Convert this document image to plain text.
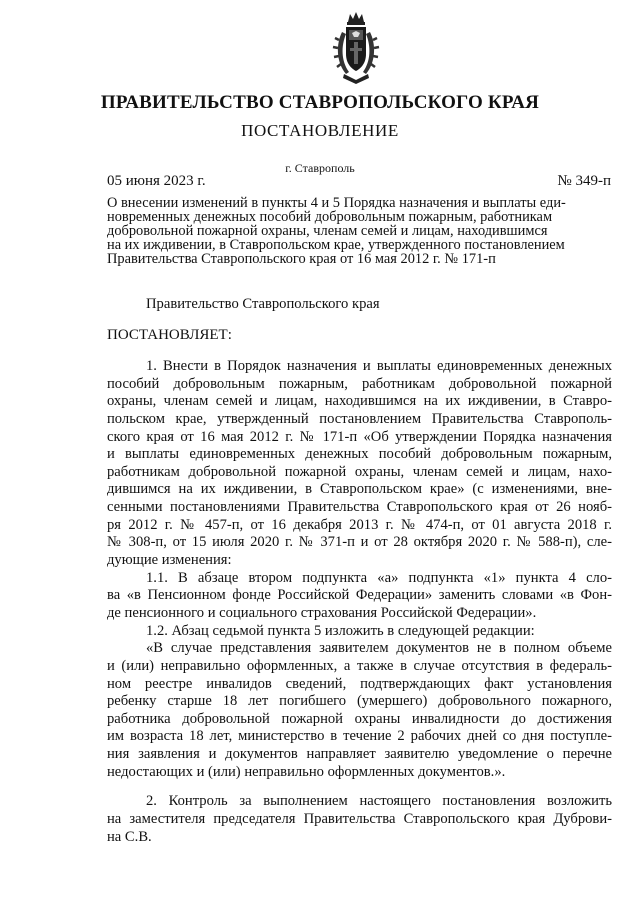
ПРАВИТЕЛЬСТВО СТАВРОПОЛЬСКОГО КРАЯ
ПОСТАНОВЛЕНИЕ
г. Ставрополь
05 июня 2023 г.	№ 349-п
О внесении изменений в пункты 4 и 5 Порядка назначения и выплаты еди-
новременных денежных пособий добровольным пожарным, работникам
добровольной пожарной охраны, членам семей и лицам, находившимся
на их иждивении, в Ставропольском крае, утвержденного постановлением
Правительства Ставропольского края от 16 мая 2012 г. № 171-п
Правительство Ставропольского края
ПОСТАНОВЛЯЕТ:
1. Внести в Порядок назначения и выплаты единовременных денежных
пособий добровольным пожарным, работникам добровольной пожарной
охраны, членам семей и лицам, находившимся на их иждивении, в Ставро-
польском крае, утвержденный постановлением Правительства Ставрополь-
ского края от 16 мая 2012 г. № 171-п «Об утверждении Порядка назначения
и выплаты единовременных денежных пособий добровольным пожарным,
работникам добровольной пожарной охраны, членам семей и лицам, нахо-
дившимся на их иждивении, в Ставропольском крае» (с изменениями, вне-
сенными постановлениями Правительства Ставропольского края от 26 нояб-
ря 2012 г. № 457-п, от 16 декабря 2013 г. № 474-п, от 01 августа 2018 г.
№ 308-п, от 15 июля 2020 г. № 371-п и от 28 октября 2020 г. № 588-п), сле-
дующие изменения:
1.1. В абзаце втором подпункта «а» подпункта «1» пункта 4 сло-
ва «в Пенсионном фонде Российской Федерации» заменить словами «в Фон-
де пенсионного и социального страхования Российской Федерации».
1.2. Абзац седьмой пункта 5 изложить в следующей редакции:
«В случае представления заявителем документов не в полном объеме
и (или) неправильно оформленных, а также в случае отсутствия в федераль-
ном реестре инвалидов сведений, подтверждающих факт установления
ребенку старше 18 лет погибшего (умершего) добровольного пожарного,
работника добровольной пожарной охраны инвалидности до достижения
им возраста 18 лет, министерство в течение 2 рабочих дней со дня поступле-
ния заявления и документов направляет заявителю уведомление о перечне
недостающих и (или) неправильно оформленных документов.».
2. Контроль за выполнением настоящего постановления возложить
на заместителя председателя Правительства Ставропольского края Дуброви-
на С.В.
